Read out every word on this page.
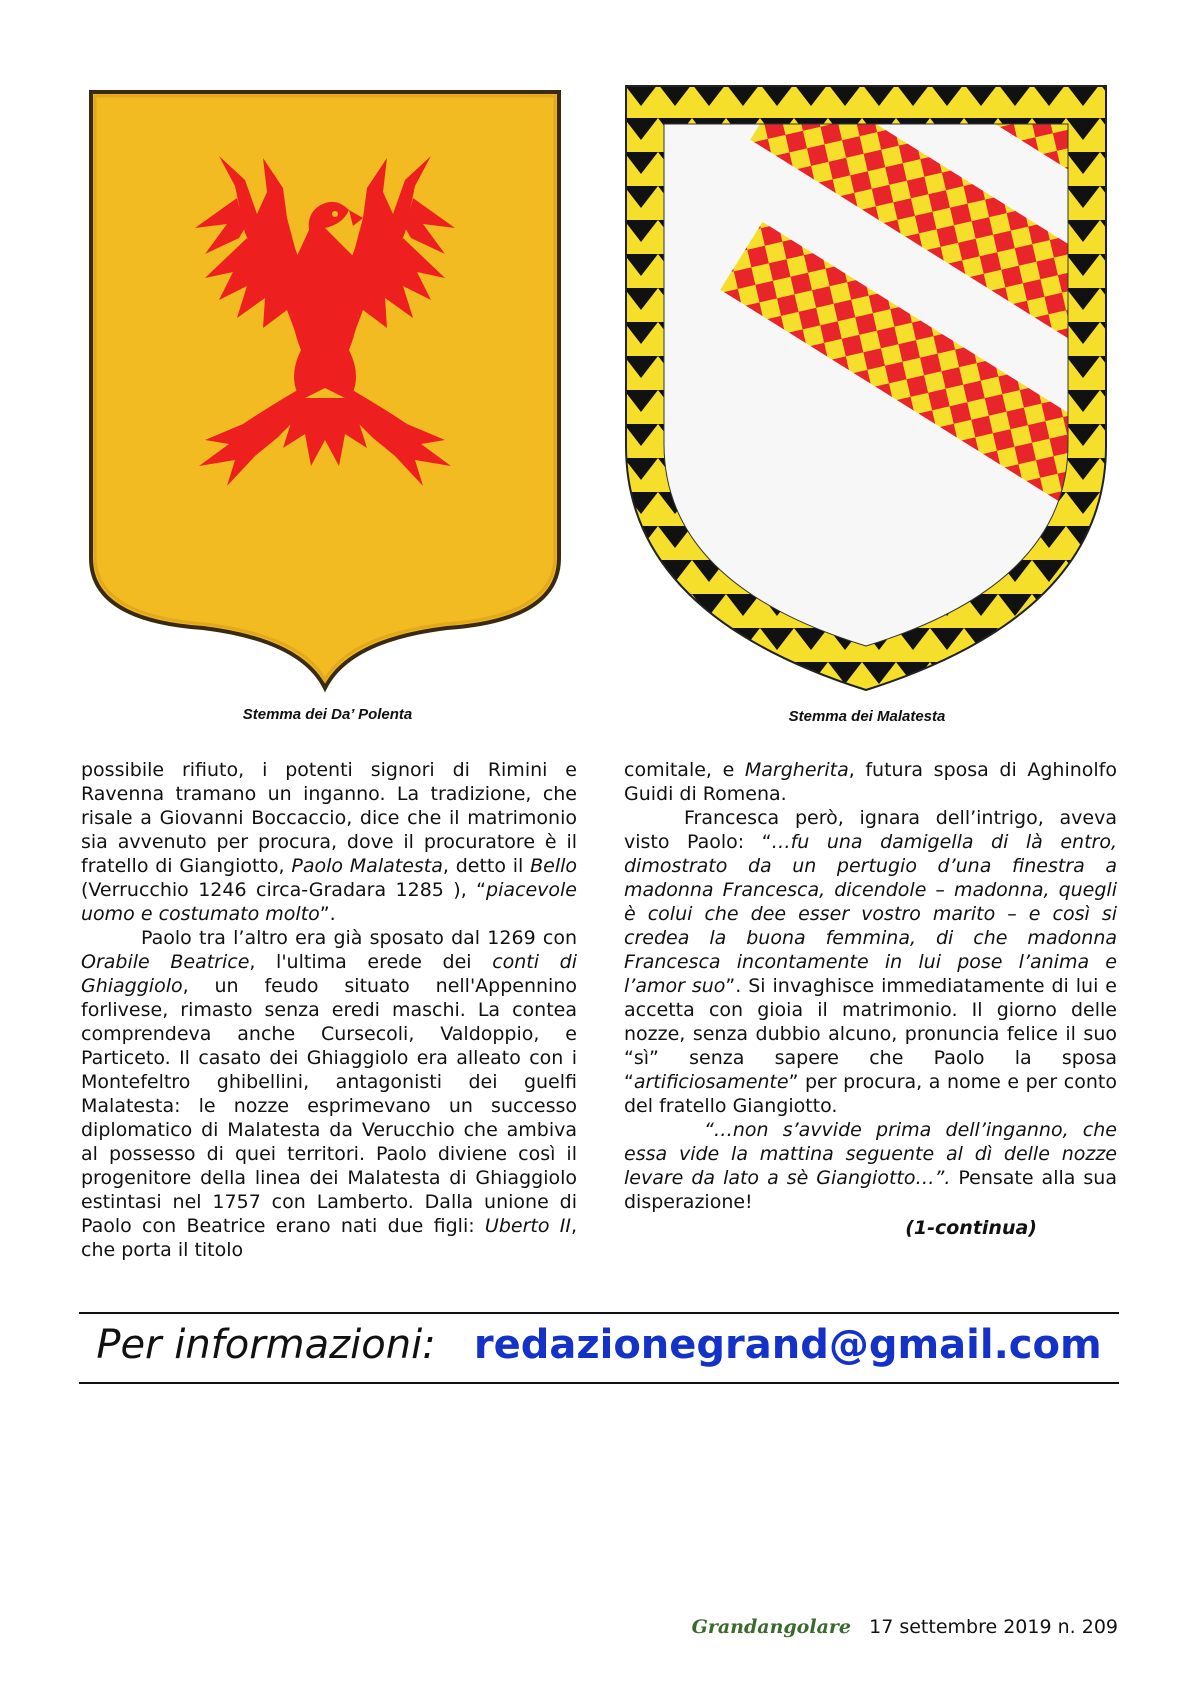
Stemma dei Da’ Polenta	Stemma dei Malatesta

possibile rifiuto, i potenti signori di Rimini e Ravenna tramano un inganno. La tradizione, che risale a Giovanni Boccaccio, dice che il matrimonio sia avvenuto per procura, dove il procuratore è il fratello di Giangiotto, Paolo Malatesta, detto il Bello (Verrucchio 1246 circa-Gradara 1285 ), “piacevole uomo e costumato molto”.

Paolo tra l’altro era già sposato dal 1269 con Orabile Beatrice, l'ultima erede dei conti di Ghiaggiolo, un feudo situato nell'Appennino forlivese, rimasto senza eredi maschi. La contea comprendeva anche Cursecoli, Valdoppio, e Particeto. Il casato dei Ghiaggiolo era alleato con i Montefeltro ghibellini, antagonisti dei guelfi Malatesta: le nozze esprimevano un successo diplomatico di Malatesta da Verucchio che ambiva al possesso di quei territori. Paolo diviene così il progenitore della linea dei Malatesta di Ghiaggiolo estintasi nel 1757 con Lamberto. Dalla unione di Paolo con Beatrice erano nati due figli: Uberto II, che porta il titolo

comitale, e Margherita, futura sposa di Aghinolfo Guidi di Romena.

Francesca però, ignara dell’intrigo, aveva visto Paolo: “…fu una damigella di là entro, dimostrato da un pertugio d’una finestra a madonna Francesca, dicendole – madonna, quegli è colui che dee esser vostro marito – e così si credea la buona femmina, di che madonna Francesca incontamente in lui pose l’anima e l’amor suo”. Si invaghisce immediatamente di lui e accetta con gioia il matrimonio. Il giorno delle nozze, senza dubbio alcuno, pronuncia felice il suo “sì” senza sapere che Paolo la sposa “artificiosamente” per procura, a nome e per conto del fratello Giangiotto.

“…non s’avvide prima dell’inganno, che essa vide la mattina seguente al dì delle nozze levare da lato a sè Giangiotto…”. Pensate alla sua disperazione!

(1-continua)

Per informazioni: redazionegrand@gmail.com
Grandangolare 17 settembre 2019 n. 209
